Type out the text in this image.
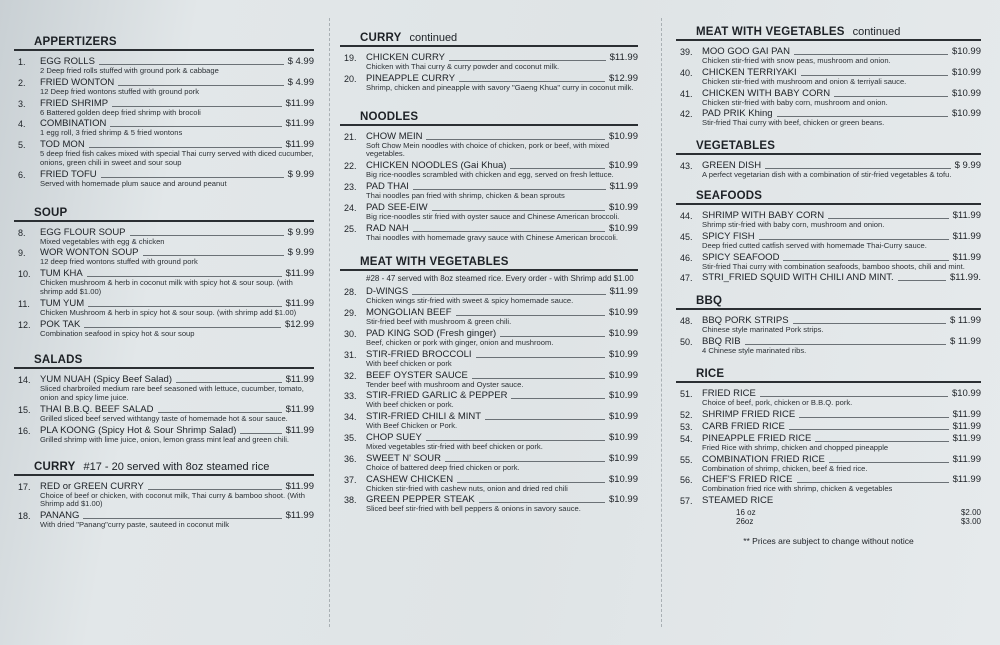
APPERTIZERS
1.	EGG ROLLS	$ 4.99
2 Deep fried rolls stuffed with ground pork & cabbage
2.	FRIED WONTON	$ 4.99
12 Deep fried wontons stuffed with ground pork
3.	FRIED SHRIMP	$11.99
6 Battered golden deep fried shrimp with brocoli
4.	COMBINATION	$11.99
1 egg roll, 3 fried shrimp & 5 fried wontons
5.	TOD MON	$11.99
5 deep fried fish cakes mixed with special Thai curry served with diced cucumber, onions, green chili in sweet and sour soup
6.	FRIED TOFU	$ 9.99
Served with homemade plum sauce and around peanut
SOUP
8.	EGG FLOUR SOUP	$ 9.99
Mixed vegetables with egg & chicken
9.	WOR WONTON SOUP	$ 9.99
12 deep fried wontons stuffed with ground pork
10. TUM KHA	$11.99
Chicken mushroom & herb in coconut milk with spicy hot & sour soup. (with shrimp add $1.00)
11.	TUM YUM	$11.99
Chicken Mushroom & herb in spicy hot & sour soup. (with shrimp add $1.00)
12. POK TAK	$12.99
Combination seafood in spicy hot & sour soup
SALADS
14. YUM NUAH (Spicy Beef Salad)	$11.99
Sliced charbroiled medium rare beef seasoned with lettuce, cucumber, tomato, onion and spicy lime juice.
15. THAI B.B.Q. BEEF SALAD	$11.99
Grilled sliced beef served withtangy taste of homemade hot & sour sauce.
16. PLA KOONG (Spicy Hot & Sour Shrimp Salad)	$11.99
Grilled shrimp with lime juice, onion, lemon grass mint leaf and green chili.
CURRY #17 - 20 served with 8oz steamed rice
17. RED or GREEN CURRY	$11.99
Choice of beef or chicken, with coconut milk, Thai curry & bamboo shoot. (With Shrimp add $1.00)
18. PANANG	$11.99
With dried "Panang"curry paste, sauteed in coconut milk
CURRY continued
19. CHICKEN CURRY	$11.99
Chicken with Thai curry & curry powder and coconut milk.
20. PINEAPPLE CURRY	$12.99
Shrimp, chicken and pineapple with savory "Gaeng Khua" curry in coconut milk.
NOODLES
21. CHOW MEIN	$10.99
Soft Chow Mein noodles with choice of chicken, pork or beef, with mixed vegetables.
22. CHICKEN NOODLES (Gai Khua)	$10.99
Big rice-noodles scrambled with chicken and egg, served on fresh lettuce.
23. PAD THAI	$11.99
Thai noodles pan fried with shrimp, chicken & bean sprouts
24. PAD SEE-EIW	$10.99
Big rice-noodles stir fried with oyster sauce and Chinese American broccoli.
25. RAD NAH	$10.99
Thai noodles with homemade gravy sauce with Chinese American broccoli.
MEAT WITH VEGETABLES
#28 - 47 served with 8oz steamed rice. Every order - with Shrimp add $1.00
28. D-WINGS	$11.99
Chicken wings stir-fried with sweet & spicy homemade sauce.
29. MONGOLIAN BEEF	$10.99
Stir-fried beef with mushroom & green chili.
30. PAD KING SOD (Fresh ginger)	$10.99
Beef, chicken or pork with ginger, onion and mushroom.
31. STIR-FRIED BROCCOLI	$10.99
With beef chicken or pork
32. BEEF OYSTER SAUCE	$10.99
Tender beef with mushroom and Oyster sauce.
33. STIR-FRIED GARLIC & PEPPER	$10.99
With beef chicken or pork.
34. STIR-FRIED CHILI & MINT	$10.99
With Beef Chicken or Pork.
35. CHOP SUEY	$10.99
Mixed vegetables stir-fried with beef chicken or pork.
36. SWEET N' SOUR	$10.99
Choice of battered deep fried chicken or pork.
37. CASHEW CHICKEN	$10.99
Chicken stir-fried with cashew nuts, onion and dried red chili
38. GREEN PEPPER STEAK	$10.99
Sliced beef stir-fried with bell peppers & onions in savory sauce.
MEAT WITH VEGETABLES continued
39. MOO GOO GAI PAN	$10.99
Chicken stir-fried with snow peas, mushroom and onion.
40. CHICKEN TERRIYAKI	$10.99
Chicken stir-fried with mushroom and onion & terriyali sauce.
41. CHICKEN WITH BABY CORN	$10.99
Chicken stir-fried with baby corn, mushroom and onion.
42. PAD PRIK Khing	$10.99
Stir-fried Thai curry with beef, chicken or green beans.
VEGETABLES
43. GREEN DISH	$ 9.99
A perfect vegetarian dish with a combination of stir-fried vegetables & tofu.
SEAFOODS
44. SHRIMP WITH BABY CORN	$11.99
Shrimp stir-fried with baby corn, mushroom and onion.
45. SPICY FISH	$11.99
Deep fried cutted catfish served with homemade Thai-Curry sauce.
46. SPICY SEAFOOD	$11.99
Stir-fried Thai curry with combination seafoods, bamboo shoots, chili and mint.
47. STRI_FRIED SQUID WITH CHILI AND MINT.	$11.99.
BBQ
48. BBQ PORK STRIPS	$ 11.99
Chinese style marinated Pork strips.
50. BBQ RIB	$ 11.99
4 Chinese style marinated ribs.
RICE
51. FRIED RICE	$10.99
Choice of beef, pork, chicken or B.B.Q. pork.
52. SHRIMP FRIED RICE	$11.99
53. CARB FRIED RICE	$11.99
54. PINEAPPLE FRIED RICE	$11.99
Fried Rice with shrimp, chicken and chopped pineapple
55. COMBINATION FRIED RICE	$11.99
Combination of shrimp, chicken, beef & fried rice.
56. CHEF'S FRIED RICE	$11.99
Combination fried rice with shrimp, chicken & vegetables
57. STEAMED RICE
16 oz	$2.00
26oz	$3.00
** Prices are subject to change without notice
